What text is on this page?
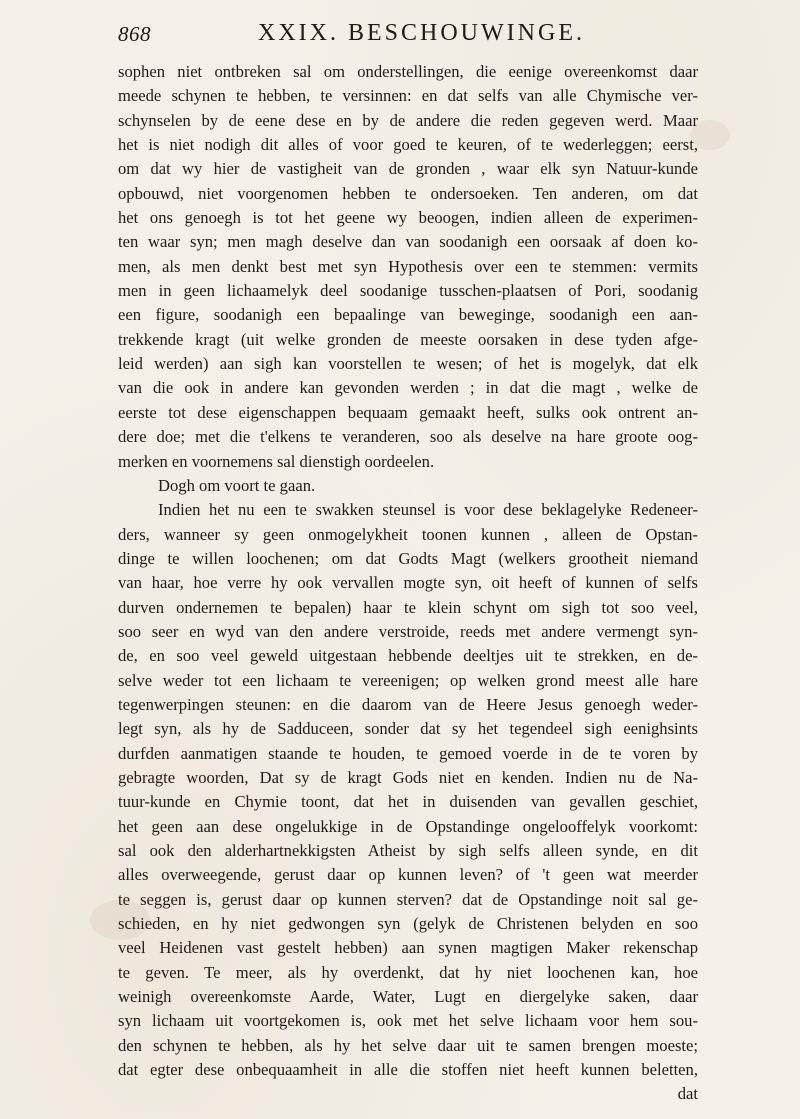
868	XXIX. BESCHOUWINGE.
sophen niet ontbreken sal om onderstellingen, die eenige overeenkomst daar
meede schynen te hebben, te versinnen: en dat selfs van alle Chymische ver-
schynselen by de eene dese en by de andere die reden gegeven werd. Maar
het is niet nodigh dit alles of voor goed te keuren, of te wederleggen; eerst,
om dat wy hier de vastigheit van de gronden , waar elk syn Natuur-kunde
opbouwd, niet voorgenomen hebben te ondersoeken. Ten anderen, om dat
het ons genoegh is tot het geene wy beoogen, indien alleen de experimen-
ten waar syn; men magh deselve dan van soodanigh een oorsaak af doen ko-
men, als men denkt best met syn Hypothesis over een te stemmen: vermits
men in geen lichaamelyk deel soodanige tusschen-plaatsen of Pori, soodanig
een figure, soodanigh een bepaalinge van beweginge, soodanigh een aan-
trekkende kragt (uit welke gronden de meeste oorsaken in dese tyden afge-
leid werden) aan sigh kan voorstellen te wesen; of het is mogelyk, dat elk
van die ook in andere kan gevonden werden ; in dat die magt , welke de
eerste tot dese eigenschappen bequaam gemaakt heeft, sulks ook ontrent an-
dere doe; met die t'elkens te veranderen, soo als deselve na hare groote oog-
merken en voornemens sal dienstigh oordeelen.
Dogh om voort te gaan.
Indien het nu een te swakken steunsel is voor dese beklagelyke Redeneer-
ders, wanneer sy geen onmogelykheit toonen kunnen , alleen de Opstan-
dinge te willen loochenen; om dat Godts Magt (welkers grootheit niemand
van haar, hoe verre hy ook vervallen mogte syn, oit heeft of kunnen of selfs
durven ondernemen te bepalen) haar te klein schynt om sigh tot soo veel,
soo seer en wyd van den andere verstroide, reeds met andere vermengt syn-
de, en soo veel geweld uitgestaan hebbende deeltjes uit te strekken, en de-
selve weder tot een lichaam te vereenigen; op welken grond meest alle hare
tegenwerpingen steunen: en die daarom van de Heere Jesus genoegh weder-
legt syn, als hy de Sadduceen, sonder dat sy het tegendeel sigh eenighsints
durfden aanmatigen staande te houden, te gemoed voerde in de te voren by
gebragte woorden, Dat sy de kragt Gods niet en kenden. Indien nu de Na-
tuur-kunde en Chymie toont, dat het in duisenden van gevallen geschiet,
het geen aan dese ongelukkige in de Opstandinge ongelooffelyk voorkomt:
sal ook den alderhartnekkigsten Atheist by sigh selfs alleen synde, en dit
alles overweegende, gerust daar op kunnen leven? of 't geen wat meerder
te seggen is, gerust daar op kunnen sterven? dat de Opstandinge noit sal ge-
schieden, en hy niet gedwongen syn (gelyk de Christenen belyden en soo
veel Heidenen vast gestelt hebben) aan synen magtigen Maker rekenschap
te geven. Te meer, als hy overdenkt, dat hy niet loochenen kan, hoe
weinigh overeenkomste Aarde, Water, Lugt en diergelyke saken, daar
syn lichaam uit voortgekomen is, ook met het selve lichaam voor hem sou-
den schynen te hebben, als hy het selve daar uit te samen brengen moeste;
dat egter dese onbequaamheit in alle die stoffen niet heeft kunnen beletten,
dat
